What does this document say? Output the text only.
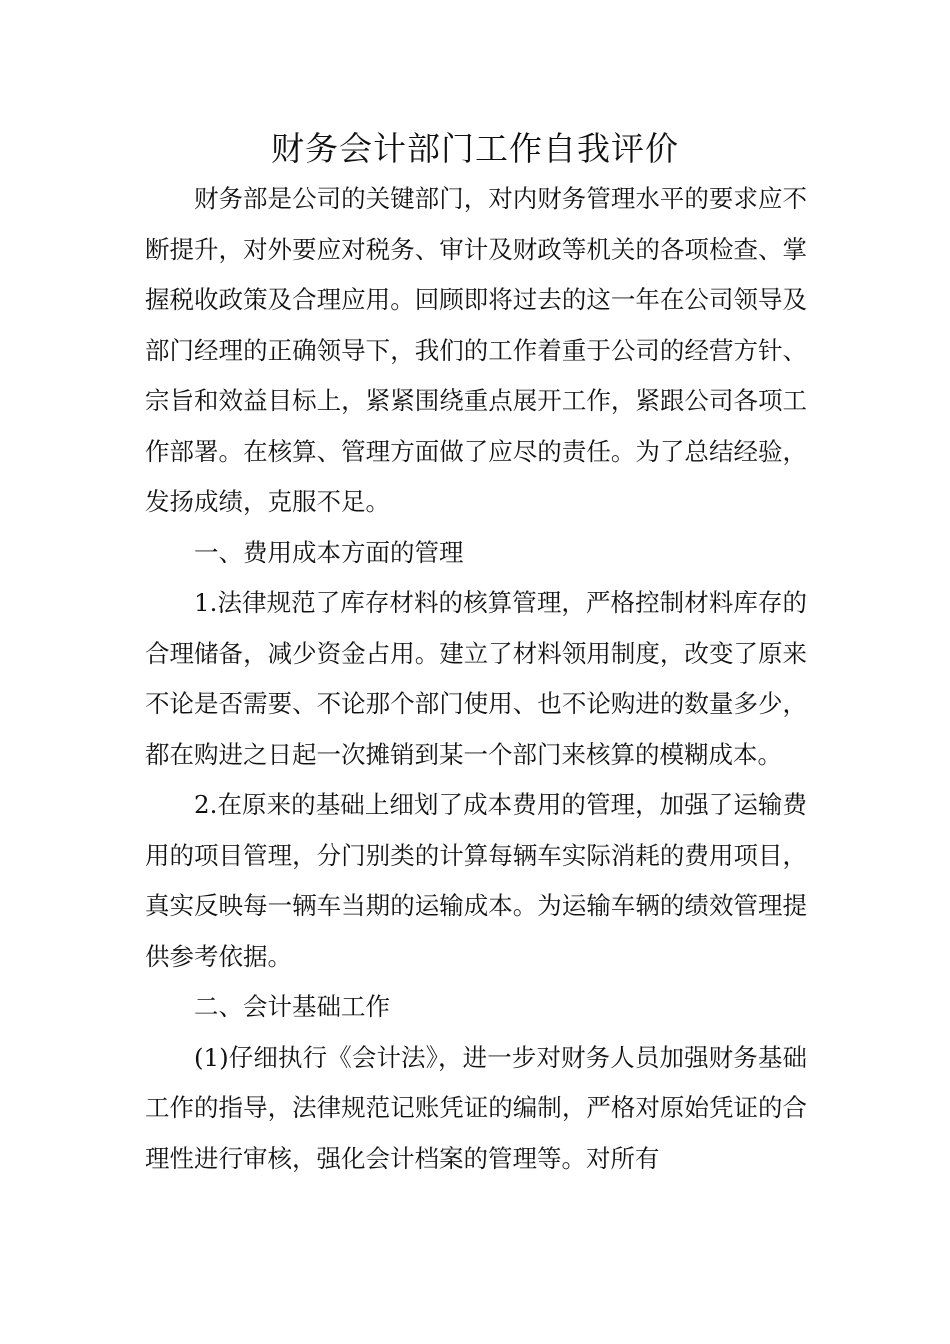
财务会计部门工作自我评价

财务部是公司的关键部门，对内财务管理水平的要求应不断提升，对外要应对税务、审计及财政等机关的各项检查、掌握税收政策及合理应用。回顾即将过去的这一年在公司领导及部门经理的正确领导下，我们的工作着重于公司的经营方针、宗旨和效益目标上，紧紧围绕重点展开工作，紧跟公司各项工作部署。在核算、管理方面做了应尽的责任。为了总结经验，发扬成绩，克服不足。

一、费用成本方面的管理

1.法律规范了库存材料的核算管理，严格控制材料库存的合理储备，减少资金占用。建立了材料领用制度，改变了原来不论是否需要、不论那个部门使用、也不论购进的数量多少，都在购进之日起一次摊销到某一个部门来核算的模糊成本。

2.在原来的基础上细划了成本费用的管理，加强了运输费用的项目管理，分门别类的计算每辆车实际消耗的费用项目，真实反映每一辆车当期的运输成本。为运输车辆的绩效管理提供参考依据。

二、会计基础工作

(1)仔细执行《会计法》，进一步对财务人员加强财务基础工作的指导，法律规范记账凭证的编制，严格对原始凭证的合理性进行审核，强化会计档案的管理等。对所有
